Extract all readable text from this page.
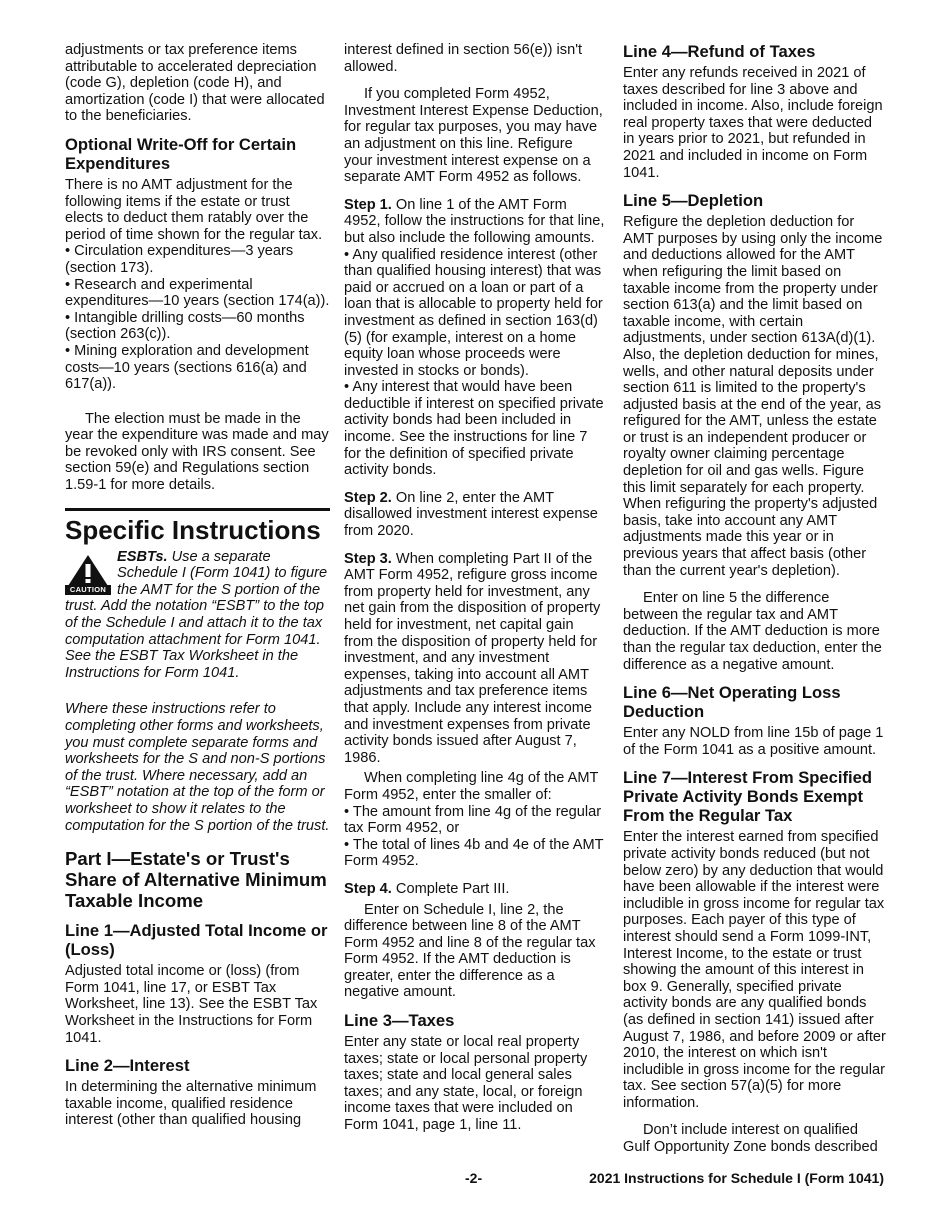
adjustments or tax preference items attributable to accelerated depreciation (code G), depletion (code H), and amortization (code I) that were allocated to the beneficiaries.

Optional Write-Off for Certain Expenditures

There is no AMT adjustment for the following items if the estate or trust elects to deduct them ratably over the period of time shown for the regular tax.

• Circulation expenditures—3 years (section 173).

• Research and experimental expenditures—10 years (section 174(a)).

• Intangible drilling costs—60 months (section 263(c)).

• Mining exploration and development costs—10 years (sections 616(a) and 617(a)).

The election must be made in the year the expenditure was made and may be revoked only with IRS consent. See section 59(e) and Regulations section 1.59-1 for more details.

Specific Instructions
CAUTION

ESBTs. Use a separate Schedule I (Form 1041) to figure the AMT for the S portion of the trust. Add the notation “ESBT” to the top of the Schedule I and attach it to the tax computation attachment for Form 1041. See the ESBT Tax Worksheet in the Instructions for Form 1041.

Where these instructions refer to completing other forms and worksheets, you must complete separate forms and worksheets for the S and non-S portions of the trust. Where necessary, add an “ESBT” notation at the top of the form or worksheet to show it relates to the computation for the S portion of the trust.

Part I—Estate's or Trust's Share of Alternative Minimum Taxable Income
Line 1—Adjusted Total Income or (Loss)

Adjusted total income or (loss) (from Form 1041, line 17, or ESBT Tax Worksheet, line 13). See the ESBT Tax Worksheet in the Instructions for Form 1041.

Line 2—Interest

In determining the alternative minimum taxable income, qualified residence interest (other than qualified housing

interest defined in section 56(e)) isn't allowed.

If you completed Form 4952, Investment Interest Expense Deduction, for regular tax purposes, you may have an adjustment on this line. Refigure your investment interest expense on a separate AMT Form 4952 as follows.

Step 1. On line 1 of the AMT Form 4952, follow the instructions for that line, but also include the following amounts.

• Any qualified residence interest (other than qualified housing interest) that was paid or accrued on a loan or part of a loan that is allocable to property held for investment as defined in section 163(d)(5) (for example, interest on a home equity loan whose proceeds were invested in stocks or bonds).

• Any interest that would have been deductible if interest on specified private activity bonds had been included in income. See the instructions for line 7 for the definition of specified private activity bonds.

Step 2. On line 2, enter the AMT disallowed investment interest expense from 2020.

Step 3. When completing Part II of the AMT Form 4952, refigure gross income from property held for investment, any net gain from the disposition of property held for investment, net capital gain from the disposition of property held for investment, and any investment expenses, taking into account all AMT adjustments and tax preference items that apply. Include any interest income and investment expenses from private activity bonds issued after August 7, 1986.

When completing line 4g of the AMT Form 4952, enter the smaller of:

• The amount from line 4g of the regular tax Form 4952, or

• The total of lines 4b and 4e of the AMT Form 4952.

Step 4. Complete Part III.

Enter on Schedule I, line 2, the difference between line 8 of the AMT Form 4952 and line 8 of the regular tax Form 4952. If the AMT deduction is greater, enter the difference as a negative amount.

Line 3—Taxes

Enter any state or local real property taxes; state or local personal property taxes; state and local general sales taxes; and any state, local, or foreign income taxes that were included on Form 1041, page 1, line 11.

Line 4—Refund of Taxes

Enter any refunds received in 2021 of taxes described for line 3 above and included in income. Also, include foreign real property taxes that were deducted in years prior to 2021, but refunded in 2021 and included in income on Form 1041.

Line 5—Depletion

Refigure the depletion deduction for AMT purposes by using only the income and deductions allowed for the AMT when refiguring the limit based on taxable income from the property under section 613(a) and the limit based on taxable income, with certain adjustments, under section 613A(d)(1). Also, the depletion deduction for mines, wells, and other natural deposits under section 611 is limited to the property's adjusted basis at the end of the year, as refigured for the AMT, unless the estate or trust is an independent producer or royalty owner claiming percentage depletion for oil and gas wells. Figure this limit separately for each property. When refiguring the property's adjusted basis, take into account any AMT adjustments made this year or in previous years that affect basis (other than the current year's depletion).

Enter on line 5 the difference between the regular tax and AMT deduction. If the AMT deduction is more than the regular tax deduction, enter the difference as a negative amount.

Line 6—Net Operating Loss Deduction

Enter any NOLD from line 15b of page 1 of the Form 1041 as a positive amount.

Line 7—Interest From Specified Private Activity Bonds Exempt From the Regular Tax

Enter the interest earned from specified private activity bonds reduced (but not below zero) by any deduction that would have been allowable if the interest were includible in gross income for regular tax purposes. Each payer of this type of interest should send a Form 1099-INT, Interest Income, to the estate or trust showing the amount of this interest in box 9. Generally, specified private activity bonds are any qualified bonds (as defined in section 141) issued after August 7, 1986, and before 2009 or after 2010, the interest on which isn't includible in gross income for the regular tax. See section 57(a)(5) for more information.

Don’t include interest on qualified Gulf Opportunity Zone bonds described

-2-	2021 Instructions for Schedule I (Form 1041)
